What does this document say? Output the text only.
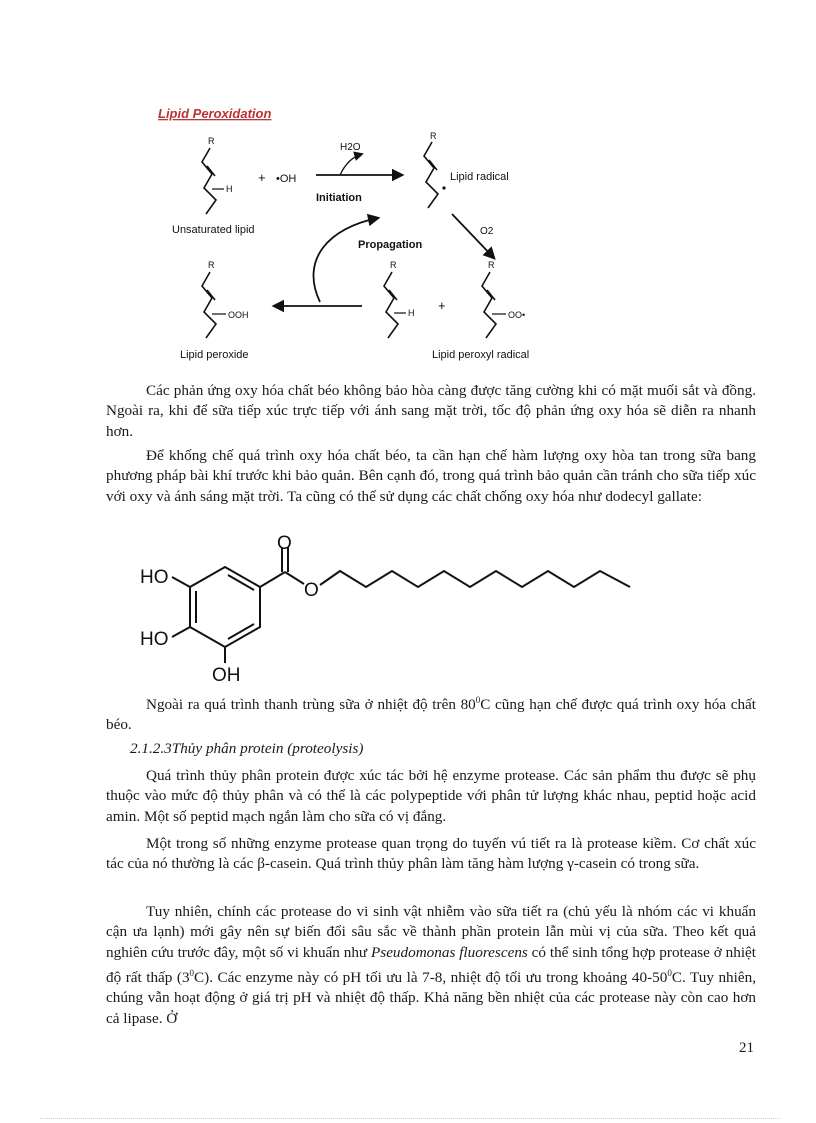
Lipid Peroxidation
R
H
+ •OH
Unsaturated lipid
H2O
Initiation
R
Lipid radical
O2
Propagation
R
OOH
Lipid peroxide
R
H +
R
OO•
Lipid peroxyl radical

Các phản ứng oxy hóa chất béo không bảo hòa càng được tăng cường khi có mặt muối sắt và đồng. Ngoài ra, khi để sữa tiếp xúc trực tiếp với ánh sang mặt trời, tốc độ phản ứng oxy hóa sẽ diễn ra nhanh hơn.

Để khống chế quá trình oxy hóa chất béo, ta cần hạn chế hàm lượng oxy hòa tan trong sữa bang phương pháp bài khí trước khi bảo quản. Bên cạnh đó, trong quá trình bảo quản cần tránh cho sữa tiếp xúc với oxy và ánh sáng mặt trời. Ta cũng có thể sử dụng các chất chống oxy hóa như dodecyl gallate:

O
O
HO
HO
OH

Ngoài ra quá trình thanh trùng sữa ở nhiệt độ trên $80^0C$ cũng hạn chế được quá trình oxy hóa chất béo.

2.1.2.3Thủy phân protein (proteolysis)

Quá trình thủy phân protein được xúc tác bởi hệ enzyme protease. Các sản phẩm thu được sẽ phụ thuộc vào mức độ thủy phân và có thể là các polypeptide với phân tử lượng khác nhau, peptid hoặc acid amin. Một số peptid mạch ngắn làm cho sữa có vị đắng.

Một trong số những enzyme protease quan trọng do tuyến vú tiết ra là protease kiềm. Cơ chất xúc tác của nó thường là các β-casein. Quá trình thủy phân làm tăng hàm lượng γ-casein có trong sữa.

Tuy nhiên, chính các protease do vi sinh vật nhiễm vào sữa tiết ra (chủ yếu là nhóm các vi khuẩn cận ưa lạnh) mới gây nên sự biến đổi sâu sắc về thành phần protein lẫn mùi vị của sữa. Theo kết quả nghiên cứu trước đây, một số vi khuẩn như Pseudomonas fluorescens có thể sinh tổng hợp protease ở nhiệt độ rất thấp $(3^0C)$. Các enzyme này có pH tối ưu là 7-8, nhiệt độ tối ưu trong khoảng $40-50^0C$. Tuy nhiên, chúng vẫn hoạt động ở giá trị pH và nhiệt độ thấp. Khả năng bền nhiệt của các protease này còn cao hơn cả lipase. Ở

21
